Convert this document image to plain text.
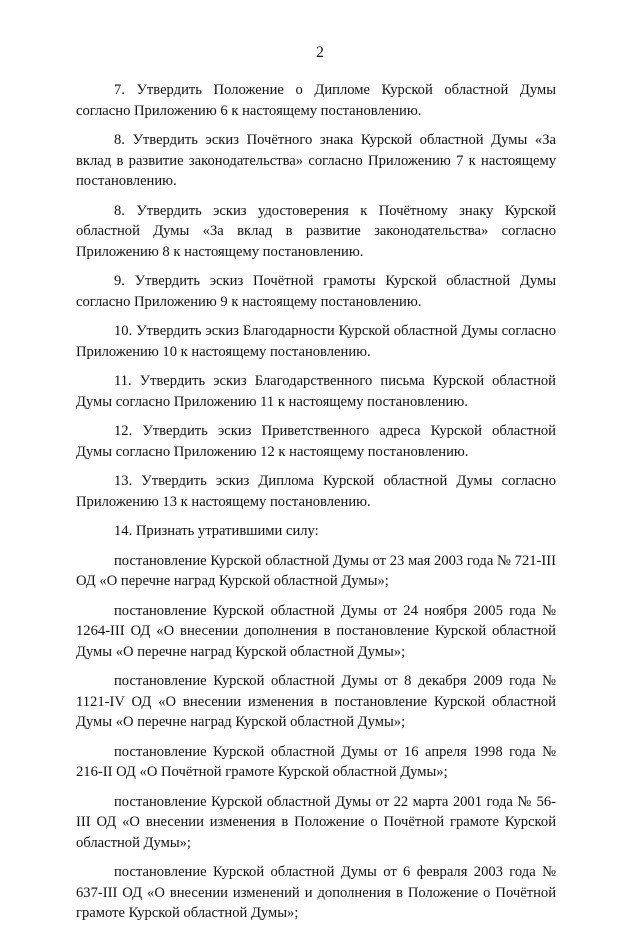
2

7. Утвердить Положение о Дипломе Курской областной Думы согласно Приложению 6 к настоящему постановлению.

8. Утвердить эскиз Почётного знака Курской областной Думы «За вклад в развитие законодательства» согласно Приложению 7 к настоящему постановлению.

8. Утвердить эскиз удостоверения к Почётному знаку Курской областной Думы «За вклад в развитие законодательства» согласно Приложению 8 к настоящему постановлению.

9. Утвердить эскиз Почётной грамоты Курской областной Думы согласно Приложению 9 к настоящему постановлению.

10. Утвердить эскиз Благодарности Курской областной Думы согласно Приложению 10 к настоящему постановлению.

11. Утвердить эскиз Благодарственного письма Курской областной Думы согласно Приложению 11 к настоящему постановлению.

12. Утвердить эскиз Приветственного адреса Курской областной Думы согласно Приложению 12 к настоящему постановлению.

13. Утвердить эскиз Диплома Курской областной Думы согласно Приложению 13 к настоящему постановлению.

14. Признать утратившими силу:

постановление Курской областной Думы от 23 мая 2003 года № 721-III ОД «О перечне наград Курской областной Думы»;

постановление Курской областной Думы от 24 ноября 2005 года № 1264-III ОД «О внесении дополнения в постановление Курской областной Думы «О перечне наград Курской областной Думы»;

постановление Курской областной Думы от 8 декабря 2009 года № 1121-IV ОД «О внесении изменения в постановление Курской областной Думы «О перечне наград Курской областной Думы»;

постановление Курской областной Думы от 16 апреля 1998 года № 216-II ОД «О Почётной грамоте Курской областной Думы»;

постановление Курской областной Думы от 22 марта 2001 года № 56-III ОД «О внесении изменения в Положение о Почётной грамоте Курской областной Думы»;

постановление Курской областной Думы от 6 февраля 2003 года № 637-III ОД «О внесении изменений и дополнения в Положение о Почётной грамоте Курской областной Думы»;
